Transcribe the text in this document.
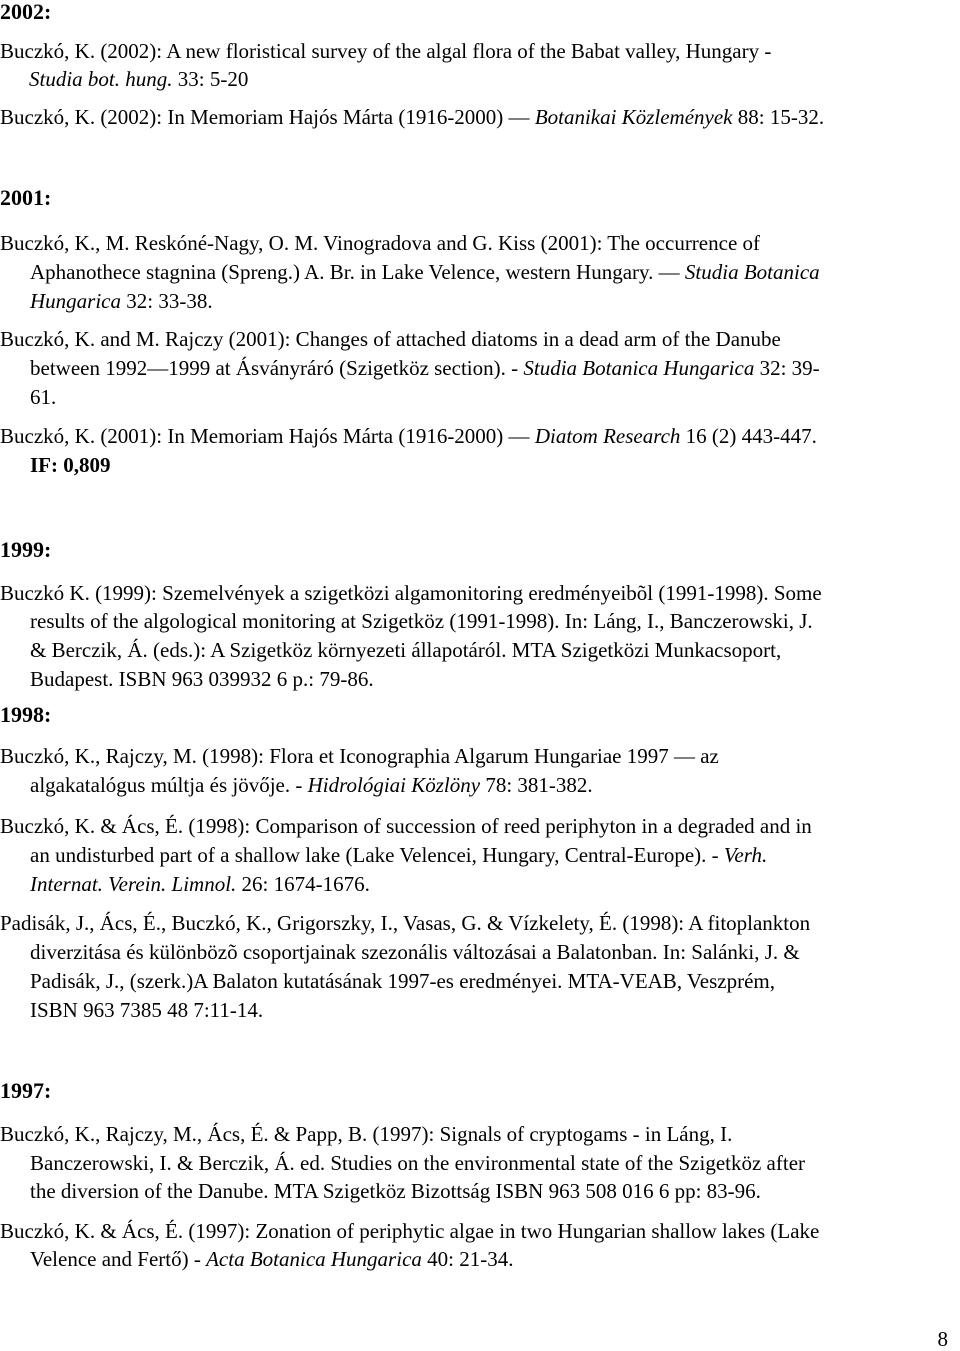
2002:
Buczkó, K. (2002): A new floristical survey of the algal flora of the Babat valley, Hungary -
Studia bot. hung. 33: 5-20
Buczkó, K. (2002): In Memoriam Hajós Márta (1916-2000) — Botanikai Közlemények 88: 15-32.
2001:
Buczkó, K., M. Reskóné-Nagy, O. M. Vinogradova and G. Kiss (2001): The occurrence of
Aphanothece stagnina (Spreng.) A. Br. in Lake Velence, western Hungary. — Studia Botanica
Hungarica 32: 33-38.
Buczkó, K. and M. Rajczy (2001): Changes of attached diatoms in a dead arm of the Danube
between 1992—1999 at Ásványráró (Szigetköz section). - Studia Botanica Hungarica 32: 39-
61.
Buczkó, K. (2001): In Memoriam Hajós Márta (1916-2000) — Diatom Research 16 (2) 443-447.
IF: 0,809
1999:
Buczkó K. (1999): Szemelvények a szigetközi algamonitoring eredményeibõl (1991-1998). Some
results of the algological monitoring at Szigetköz (1991-1998). In: Láng, I., Banczerowski, J.
& Berczik, Á. (eds.): A Szigetköz környezeti állapotáról. MTA Szigetközi Munkacsoport,
Budapest. ISBN 963 039932 6 p.: 79-86.
1998:
Buczkó, K., Rajczy, M. (1998): Flora et Iconographia Algarum Hungariae 1997 — az
algakatalógus múltja és jövője. - Hidrológiai Közlöny 78: 381-382.
Buczkó, K. & Ács, É. (1998): Comparison of succession of reed periphyton in a degraded and in
an undisturbed part of a shallow lake (Lake Velencei, Hungary, Central-Europe). - Verh.
Internat. Verein. Limnol. 26: 1674-1676.
Padisák, J., Ács, É., Buczkó, K., Grigorszky, I., Vasas, G. & Vízkelety, É. (1998): A fitoplankton
diverzitása és különbözõ csoportjainak szezonális változásai a Balatonban. In: Salánki, J. &
Padisák, J., (szerk.)A Balaton kutatásának 1997-es eredményei. MTA-VEAB, Veszprém,
ISBN 963 7385 48 7:11-14.
1997:
Buczkó, K., Rajczy, M., Ács, É. & Papp, B. (1997): Signals of cryptogams - in Láng, I.
Banczerowski, I. & Berczik, Á. ed. Studies on the environmental state of the Szigetköz after
the diversion of the Danube. MTA Szigetköz Bizottság ISBN 963 508 016 6 pp: 83-96.
Buczkó, K. & Ács, É. (1997): Zonation of periphytic algae in two Hungarian shallow lakes (Lake
Velence and Fertő) - Acta Botanica Hungarica 40: 21-34.
8
